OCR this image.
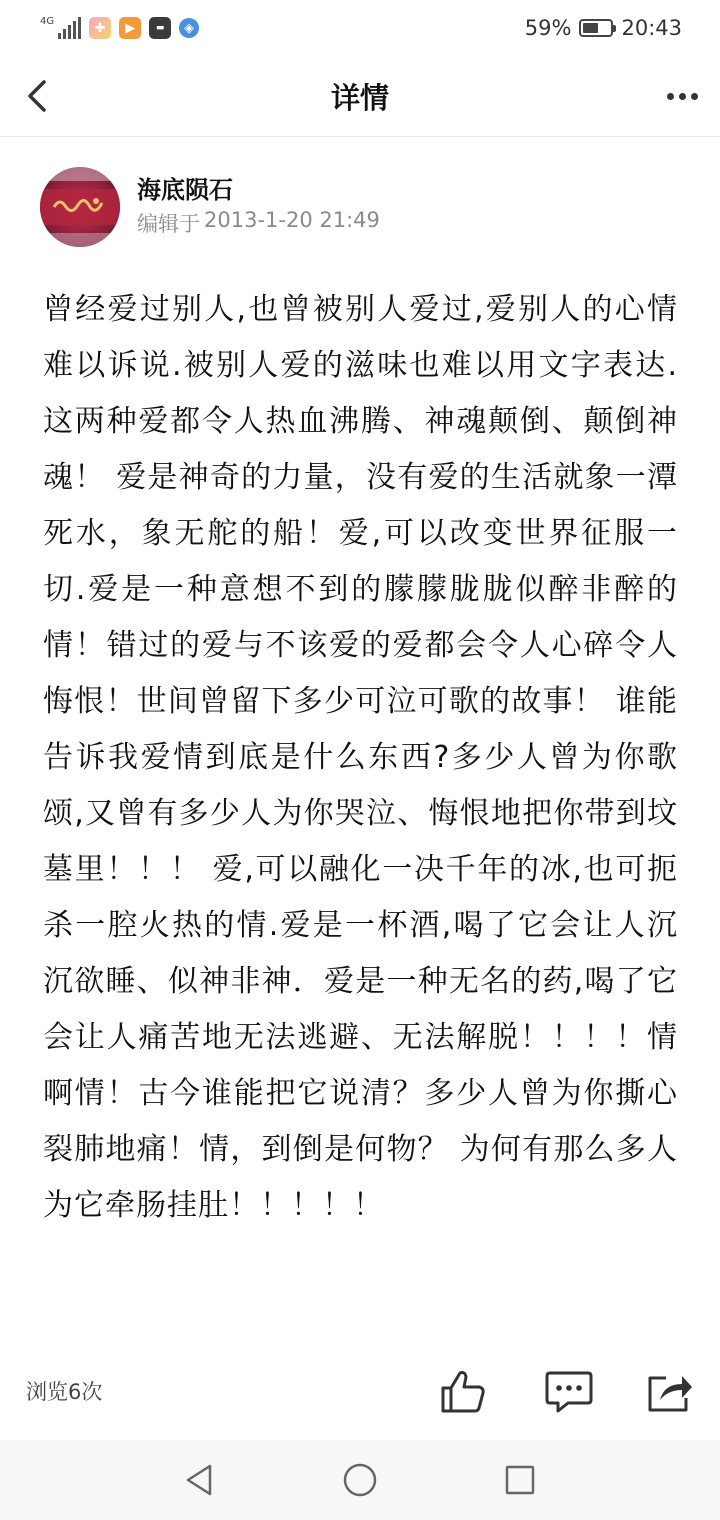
4G	✚	▶	▬	◈	59% 20:43
详情
海底陨石
编辑于 2013-1-20 21:49
曾经爱过别人,也曾被别人爱过,爱别人的心情难以诉说.被别人爱的滋味也难以用文字表达.这两种爱都令人热血沸腾、神魂颠倒、颠倒神魂！ 爱是神奇的力量，没有爱的生活就象一潭死水，象无舵的船！爱,可以改变世界征服一切.爱是一种意想不到的朦朦胧胧似醉非醉的情！错过的爱与不该爱的爱都会令人心碎令人悔恨！世间曾留下多少可泣可歌的故事！ 谁能告诉我爱情到底是什么东西?多少人曾为你歌颂,又曾有多少人为你哭泣、悔恨地把你带到坟墓里！！！ 爱,可以融化一决千年的冰,也可扼杀一腔火热的情.爱是一杯酒,喝了它会让人沉沉欲睡、似神非神．爱是一种无名的药,喝了它会让人痛苦地无法逃避、无法解脱！！！！情啊情！古今谁能把它说清？多少人曾为你撕心裂肺地痛！情，到倒是何物？ 为何有那么多人为它牵肠挂肚！！！！！
浏览6次
